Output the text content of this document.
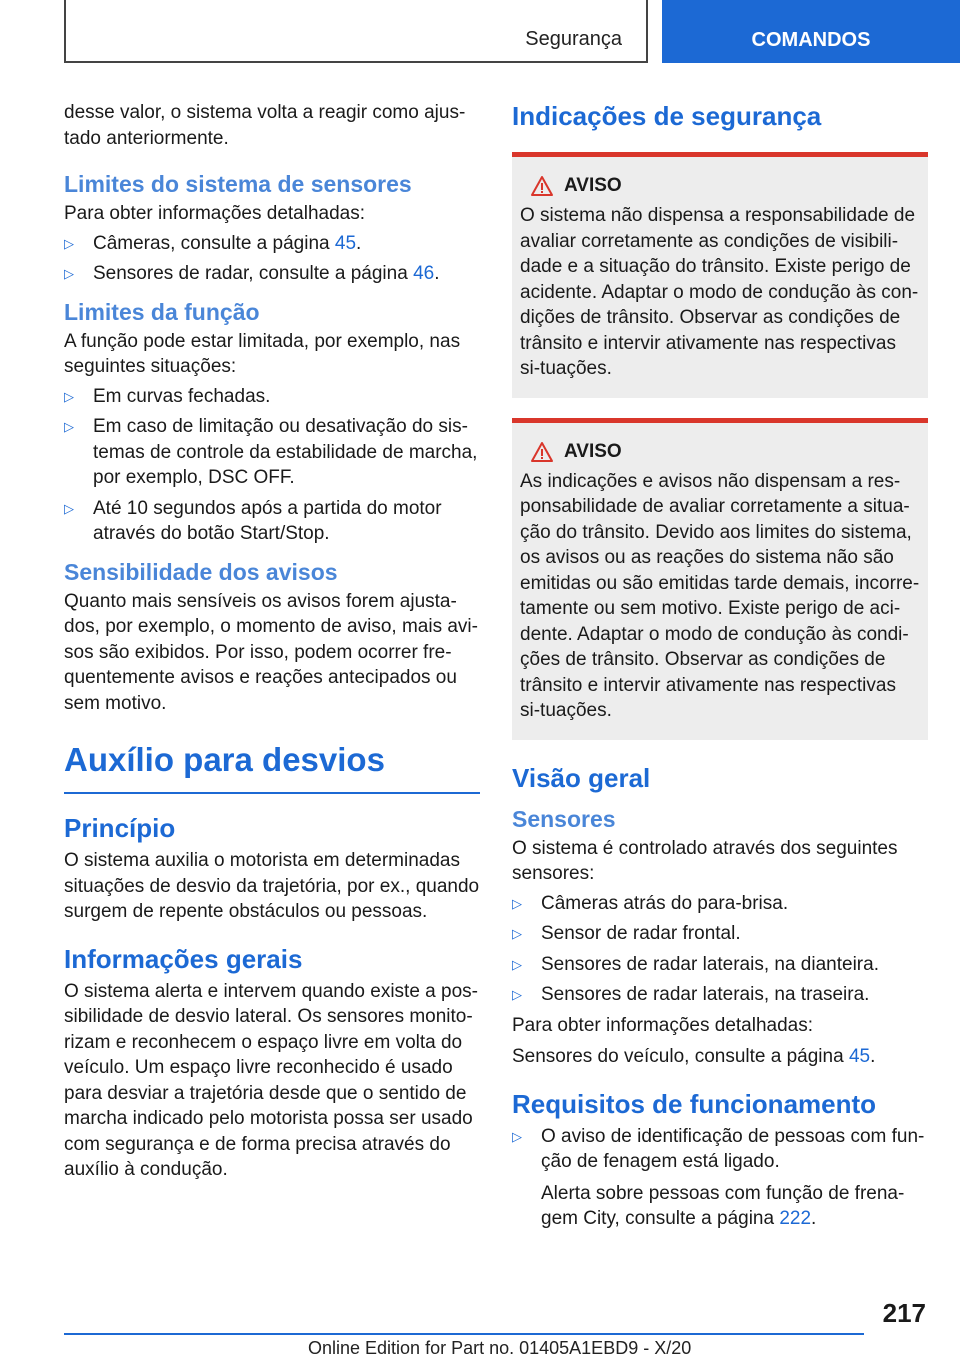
Segurança	COMANDOS

desse valor, o sistema volta a reagir como ajus-tado anteriormente.

Limites do sistema de sensores

Para obter informações detalhadas:

▷ Câmeras, consulte a página 45.
▷ Sensores de radar, consulte a página 46.
Limites da função

A função pode estar limitada, por exemplo, nas seguintes situações:

▷ Em curvas fechadas.
▷ Em caso de limitação ou desativação do sis-temas de controle da estabilidade de marcha, por exemplo, DSC OFF.
▷ Até 10 segundos após a partida do motor através do botão Start/Stop.
Sensibilidade dos avisos

Quanto mais sensíveis os avisos forem ajusta-dos, por exemplo, o momento de aviso, mais avi-sos são exibidos. Por isso, podem ocorrer fre-quentemente avisos e reações antecipados ou sem motivo.

Auxílio para desvios
Princípio

O sistema auxilia o motorista em determinadas situações de desvio da trajetória, por ex., quando surgem de repente obstáculos ou pessoas.

Informações gerais

O sistema alerta e intervem quando existe a pos-sibilidade de desvio lateral. Os sensores monito-rizam e reconhecem o espaço livre em volta do veículo. Um espaço livre reconhecido é usado para desviar a trajetória desde que o sentido de marcha indicado pelo motorista possa ser usado com segurança e de forma precisa através do auxílio à condução.

Indicações de segurança
AVISO

O sistema não dispensa a responsabilidade de avaliar corretamente as condições de visibili-dade e a situação do trânsito. Existe perigo de acidente. Adaptar o modo de condução às con-dições de trânsito. Observar as condições de trânsito e intervir ativamente nas respectivas si-tuações.

AVISO

As indicações e avisos não dispensam a res-ponsabilidade de avaliar corretamente a situa-ção do trânsito. Devido aos limites do sistema, os avisos ou as reações do sistema não são emitidas ou são emitidas tarde demais, incorre-tamente ou sem motivo. Existe perigo de aci-dente. Adaptar o modo de condução às condi-ções de trânsito. Observar as condições de trânsito e intervir ativamente nas respectivas si-tuações.

Visão geral
Sensores

O sistema é controlado através dos seguintes sensores:

▷ Câmeras atrás do para-brisa.
▷ Sensor de radar frontal.
▷ Sensores de radar laterais, na dianteira.
▷ Sensores de radar laterais, na traseira.

Para obter informações detalhadas:

Sensores do veículo, consulte a página 45.

Requisitos de funcionamento
▷ O aviso de identificação de pessoas com fun-ção de fenagem está ligado.
Alerta sobre pessoas com função de frena-gem City, consulte a página 222.
217
Online Edition for Part no. 01405A1EBD9 - X/20
